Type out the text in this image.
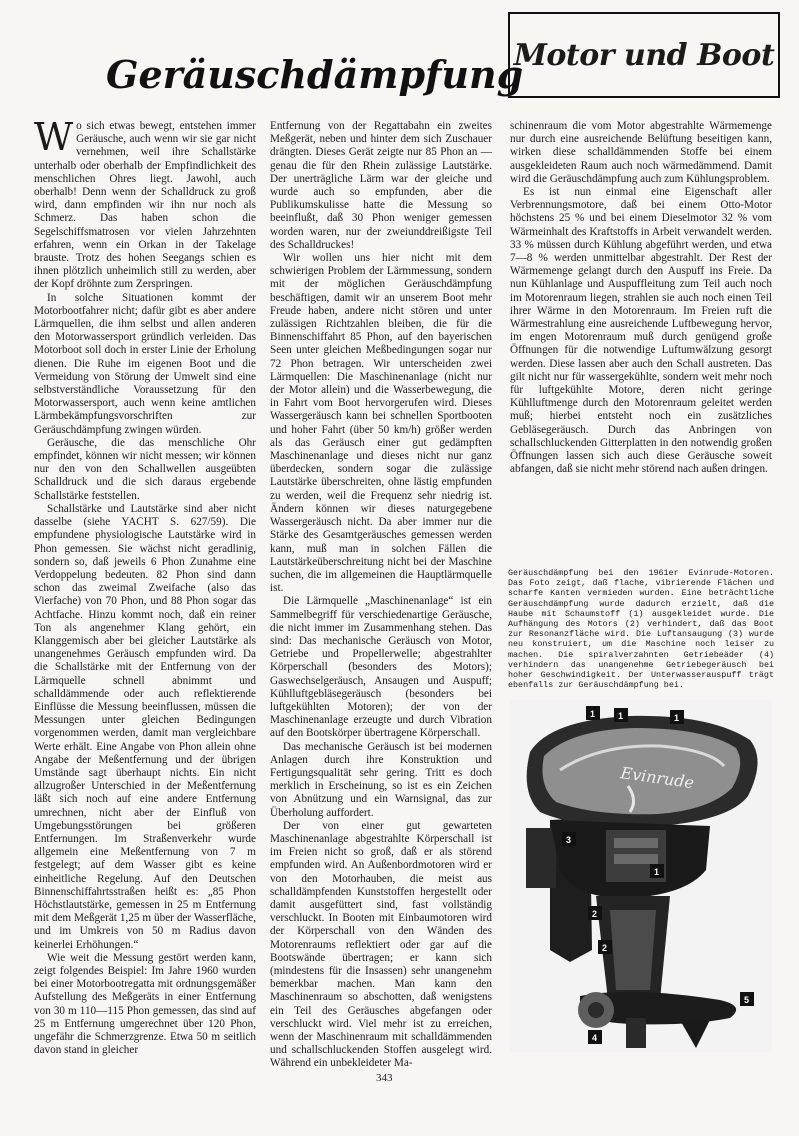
Motor und Boot
Geräuschdämpfung

Wo sich etwas bewegt, entstehen immer Geräusche, auch wenn wir sie gar nicht vernehmen, weil ihre Schallstärke unterhalb oder oberhalb der Empfindlichkeit des menschlichen Ohres liegt. Jawohl, auch oberhalb! Denn wenn der Schalldruck zu groß wird, dann empfinden wir ihn nur noch als Schmerz. Das haben schon die Segelschiffsmatrosen vor vielen Jahrzehnten erfahren, wenn ein Orkan in der Takelage brauste. Trotz des hohen Seegangs schien es ihnen plötzlich unheimlich still zu werden, aber der Kopf dröhnte zum Zerspringen.

In solche Situationen kommt der Motorbootfahrer nicht; dafür gibt es aber andere Lärmquellen, die ihm selbst und allen anderen den Motorwassersport gründlich verleiden. Das Motorboot soll doch in erster Linie der Erholung dienen. Die Ruhe im eigenen Boot und die Vermeidung von Störung der Umwelt sind eine selbstverständliche Voraussetzung für den Motorwassersport, auch wenn keine amtlichen Lärmbekämpfungsvorschriften zur Geräuschdämpfung zwingen würden.

Geräusche, die das menschliche Ohr empfindet, können wir nicht messen; wir können nur den von den Schallwellen ausgeübten Schalldruck und die sich daraus ergebende Schallstärke feststellen.

Schallstärke und Lautstärke sind aber nicht dasselbe (siehe YACHT S. 627/59). Die empfundene physiologische Lautstärke wird in Phon gemessen. Sie wächst nicht geradlinig, sondern so, daß jeweils 6 Phon Zunahme eine Verdoppelung bedeuten. 82 Phon sind dann schon das zweimal Zweifache (also das Vierfache) von 70 Phon, und 88 Phon sogar das Achtfache. Hinzu kommt noch, daß ein reiner Ton als angenehmer Klang gehört, ein Klanggemisch aber bei gleicher Lautstärke als unangenehmes Geräusch empfunden wird. Da die Schallstärke mit der Entfernung von der Lärmquelle schnell abnimmt und schalldämmende oder auch reflektierende Einflüsse die Messung beeinflussen, müssen die Messungen unter gleichen Bedingungen vorgenommen werden, damit man vergleichbare Werte erhält. Eine Angabe von Phon allein ohne Angabe der Meßentfernung und der übrigen Umstände sagt überhaupt nichts. Ein nicht allzugroßer Unterschied in der Meßentfernung läßt sich noch auf eine andere Entfernung umrechnen, nicht aber der Einfluß von Umgebungsstörungen bei größeren Entfernungen. Im Straßenverkehr wurde allgemein eine Meßentfernung von 7 m festgelegt; auf dem Wasser gibt es keine einheitliche Regelung. Auf den Deutschen Binnenschiffahrtsstraßen heißt es: „85 Phon Höchstlautstärke, gemessen in 25 m Entfernung mit dem Meßgerät 1,25 m über der Wasserfläche, und im Umkreis von 50 m Radius davon keinerlei Erhöhungen.“

Wie weit die Messung gestört werden kann, zeigt folgendes Beispiel: Im Jahre 1960 wurden bei einer Motorbootregatta mit ordnungsgemäßer Aufstellung des Meßgeräts in einer Entfernung von 30 m 110—115 Phon gemessen, das sind auf 25 m Entfernung umgerechnet über 120 Phon, ungefähr die Schmerzgrenze. Etwa 50 m seitlich davon stand in gleicher

Entfernung von der Regattabahn ein zweites Meßgerät, neben und hinter dem sich Zuschauer drängten. Dieses Gerät zeigte nur 85 Phon an — genau die für den Rhein zulässige Lautstärke. Der unerträgliche Lärm war der gleiche und wurde auch so empfunden, aber die Publikumskulisse hatte die Messung so beeinflußt, daß 30 Phon weniger gemessen worden waren, nur der zweiunddreißigste Teil des Schalldruckes!

Wir wollen uns hier nicht mit dem schwierigen Problem der Lärmmessung, sondern mit der möglichen Geräuschdämpfung beschäftigen, damit wir an unserem Boot mehr Freude haben, andere nicht stören und unter zulässigen Richtzahlen bleiben, die für die Binnenschiffahrt 85 Phon, auf den bayerischen Seen unter gleichen Meßbedingungen sogar nur 72 Phon betragen. Wir unterscheiden zwei Lärmquellen: Die Maschinenanlage (nicht nur der Motor allein) und die Wasserbewegung, die in Fahrt vom Boot hervorgerufen wird. Dieses Wassergeräusch kann bei schnellen Sportbooten und hoher Fahrt (über 50 km/h) größer werden als das Geräusch einer gut gedämpften Maschinenanlage und dieses nicht nur ganz überdecken, sondern sogar die zulässige Lautstärke überschreiten, ohne lästig empfunden zu werden, weil die Frequenz sehr niedrig ist. Ändern können wir dieses naturgegebene Wassergeräusch nicht. Da aber immer nur die Stärke des Gesamtgeräusches gemessen werden kann, muß man in solchen Fällen die Lautstärkeüberschreitung nicht bei der Maschine suchen, die im allgemeinen die Hauptlärmquelle ist.

Die Lärmquelle „Maschinenanlage“ ist ein Sammelbegriff für verschiedenartige Geräusche, die nicht immer im Zusammenhang stehen. Das sind: Das mechanische Geräusch von Motor, Getriebe und Propellerwelle; abgestrahlter Körperschall (besonders des Motors); Gaswechselgeräusch, Ansaugen und Auspuff; Kühlluftgebläsegeräusch (besonders bei luftgekühlten Motoren); der von der Maschinenanlage erzeugte und durch Vibration auf den Bootskörper übertragene Körperschall.

Das mechanische Geräusch ist bei modernen Anlagen durch ihre Konstruktion und Fertigungsqualität sehr gering. Tritt es doch merklich in Erscheinung, so ist es ein Zeichen von Abnützung und ein Warnsignal, das zur Überholung auffordert.

Der von einer gut gewarteten Maschinenanlage abgestrahlte Körperschall ist im Freien nicht so groß, daß er als störend empfunden wird. An Außenbordmotoren wird er von den Motorhauben, die meist aus schalldämpfenden Kunststoffen hergestellt oder damit ausgefüttert sind, fast vollständig verschluckt. In Booten mit Einbaumotoren wird der Körperschall von den Wänden des Motorenraums reflektiert oder gar auf die Bootswände übertragen; er kann sich (mindestens für die Insassen) sehr unangenehm bemerkbar machen. Man kann den Maschinenraum so abschotten, daß wenigstens ein Teil des Geräusches abgefangen oder verschluckt wird. Viel mehr ist zu erreichen, wenn der Maschinenraum mit schalldämmenden und schallschluckenden Stoffen ausgelegt wird. Während ein unbekleideter Ma-

schinenraum die vom Motor abgestrahlte Wärmemenge nur durch eine ausreichende Belüftung beseitigen kann, wirken diese schalldämmenden Stoffe bei einem ausgekleideten Raum auch noch wärmedämmend. Damit wird die Geräuschdämpfung auch zum Kühlungsproblem.

Es ist nun einmal eine Eigenschaft aller Verbrennungsmotore, daß bei einem Otto-Motor höchstens 25 % und bei einem Dieselmotor 32 % vom Wärmeinhalt des Kraftstoffs in Arbeit verwandelt werden. 33 % müssen durch Kühlung abgeführt werden, und etwa 7—8 % werden unmittelbar abgestrahlt. Der Rest der Wärmemenge gelangt durch den Auspuff ins Freie. Da nun Kühlanlage und Auspuffleitung zum Teil auch noch im Motorenraum liegen, strahlen sie auch noch einen Teil ihrer Wärme in den Motorenraum. Im Freien ruft die Wärmestrahlung eine ausreichende Luftbewegung hervor, im engen Motorenraum muß durch genügend große Öffnungen für die notwendige Luftumwälzung gesorgt werden. Diese lassen aber auch den Schall austreten. Das gilt nicht nur für wassergekühlte, sondern weit mehr noch für luftgekühlte Motore, deren nicht geringe Kühlluftmenge durch den Motorenraum geleitet werden muß; hierbei entsteht noch ein zusätzliches Gebläsegeräusch. Durch das Anbringen von schallschluckenden Gitterplatten in den notwendig großen Öffnungen lassen sich auch diese Geräusche soweit abfangen, daß sie nicht mehr störend nach außen dringen.

Geräuschdämpfung bei den 1961er Evinrude-Motoren. Das Foto zeigt, daß flache, vibrierende Flächen und scharfe Kanten vermieden wurden. Eine beträchtliche Geräuschdämpfung wurde dadurch erzielt, daß die Haube mit Schaumstoff (1) ausgekleidet wurde. Die Aufhängung des Motors (2) verhindert, daß das Boot zur Resonanzfläche wird. Die Luftansaugung (3) wurde neu konstruiert, um die Maschine noch leiser zu machen. Die spiralverzahnten Getriebeäder (4) verhindern das unangenehme Getriebegeräusch bei hoher Geschwindigkeit. Der Unterwasserauspuff trägt ebenfalls zur Geräuschdämpfung bei.
Evinrude
1	1	1
3
1
2
2
4
5
343
